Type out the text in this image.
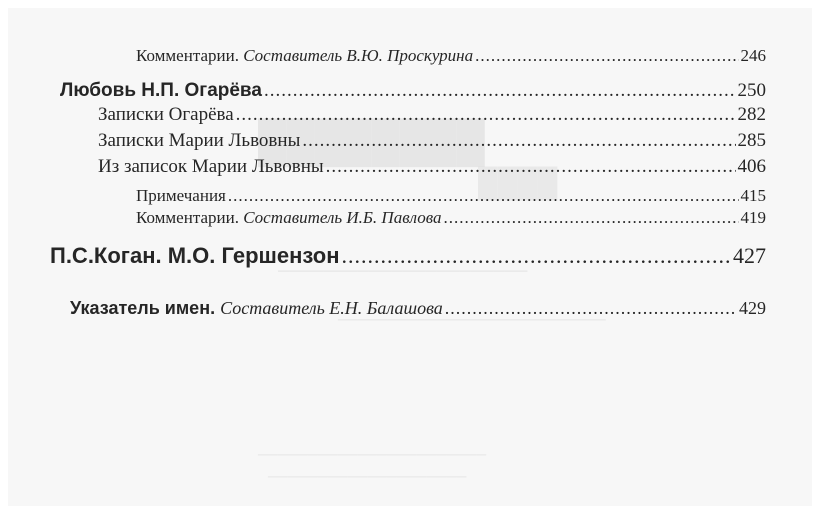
████████
████
──────────────────────
───────────────────────────
───────────────────────
────────────────────
Комментарии. Составитель В.Ю. Проскурина .....	246
Любовь Н.П. Огарёва .....	250
Записки Огарёва .....	282
Записки Марии Львовны .....	285
Из записок Марии Львовны .....	406
Примечания .....	415
Комментарии. Составитель И.Б. Павлова .....	419
П.С.Коган. М.О. Гершензон .....	427
Указатель имен. Составитель Е.Н. Балашова .....	429
